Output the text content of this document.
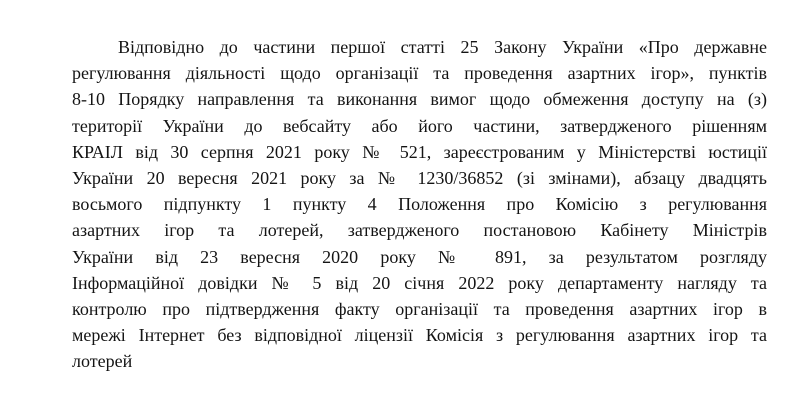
Відповідно до частини першої статті 25 Закону України «Про державне
регулювання діяльності щодо організації та проведення азартних ігор», пунктів
8-10 Порядку направлення та виконання вимог щодо обмеження доступу на (з)
території України до вебсайту або його частини, затвердженого рішенням
КРАІЛ від 30 серпня 2021 року № 521, зареєстрованим у Міністерстві юстиції
України 20 вересня 2021 року за № 1230/36852 (зі змінами), абзацу двадцять
восьмого підпункту 1 пункту 4 Положення про Комісію з регулювання
азартних ігор та лотерей, затвердженого постановою Кабінету Міністрів
України від 23 вересня 2020 року № 891, за результатом розгляду
Інформаційної довідки № 5 від 20 січня 2022 року департаменту нагляду та
контролю про підтвердження факту організації та проведення азартних ігор в
мережі Інтернет без відповідної ліцензії Комісія з регулювання азартних ігор та
лотерей
